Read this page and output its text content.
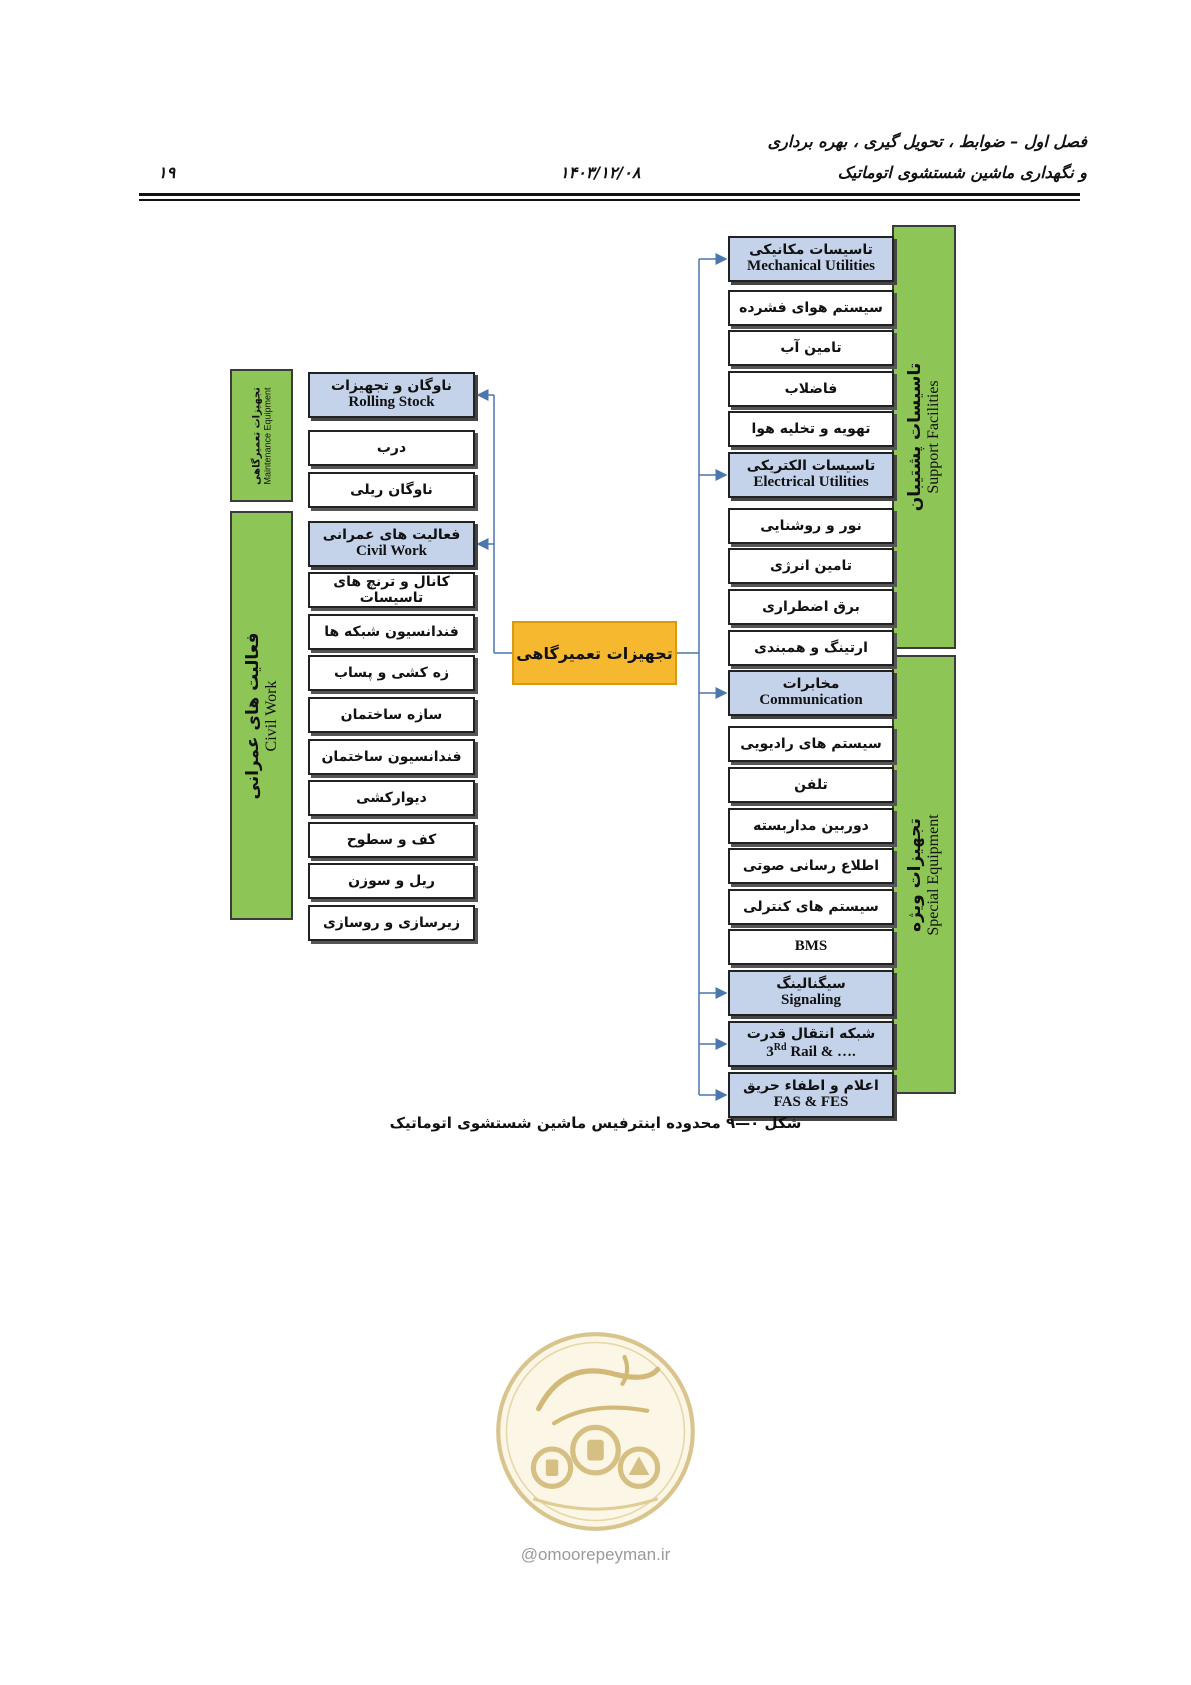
فصل اول – ضوابط ، تحویل گیری ، بهره برداری
و نگهداری ماشین شستشوی اتوماتیک
۱۴۰۳/۱۲/۰۸
۱۹
تجهیزات تعمیرگاهی
تجهیزات تعمیرگاهی Maintenance Equipment
فعالیت های عمرانی Civil Work
تاسیسات پشتیبان Support Facilities
تجهیزات ویژه Special Equipment
ناوگان و تجهیزات
Rolling Stock
درب
ناوگان ریلی
فعالیت های عمرانی
Civil Work
کانال و ترنچ های تاسیسات
فندانسیون شبکه ها
زه کشی و پساب
سازه ساختمان
فندانسیون ساختمان
دیوارکشی
کف و سطوح
ریل و سوزن
زیرسازی و روسازی
تاسیسات مکانیکی
Mechanical Utilities
سیستم هوای فشرده
تامین آب
فاضلاب
تهویه و تخلیه هوا
تاسیسات الکتریکی
Electrical Utilities
نور و روشنایی
تامین انرژی
برق اضطراری
ارتینگ و همبندی
مخابرات
Communication
سیستم های رادیویی
تلفن
دوربین مداربسته
اطلاع رسانی صوتی
سیستم های کنترلی
BMS
سیگنالینگ
Signaling
شبکه انتقال قدرت
3Rd Rail & ….
اعلام و اطفاء حریق
FAS & FES
شکل ۰—۹ محدوده اینترفیس ماشین شستشوی اتوماتیک
@omoorepeyman.ir
